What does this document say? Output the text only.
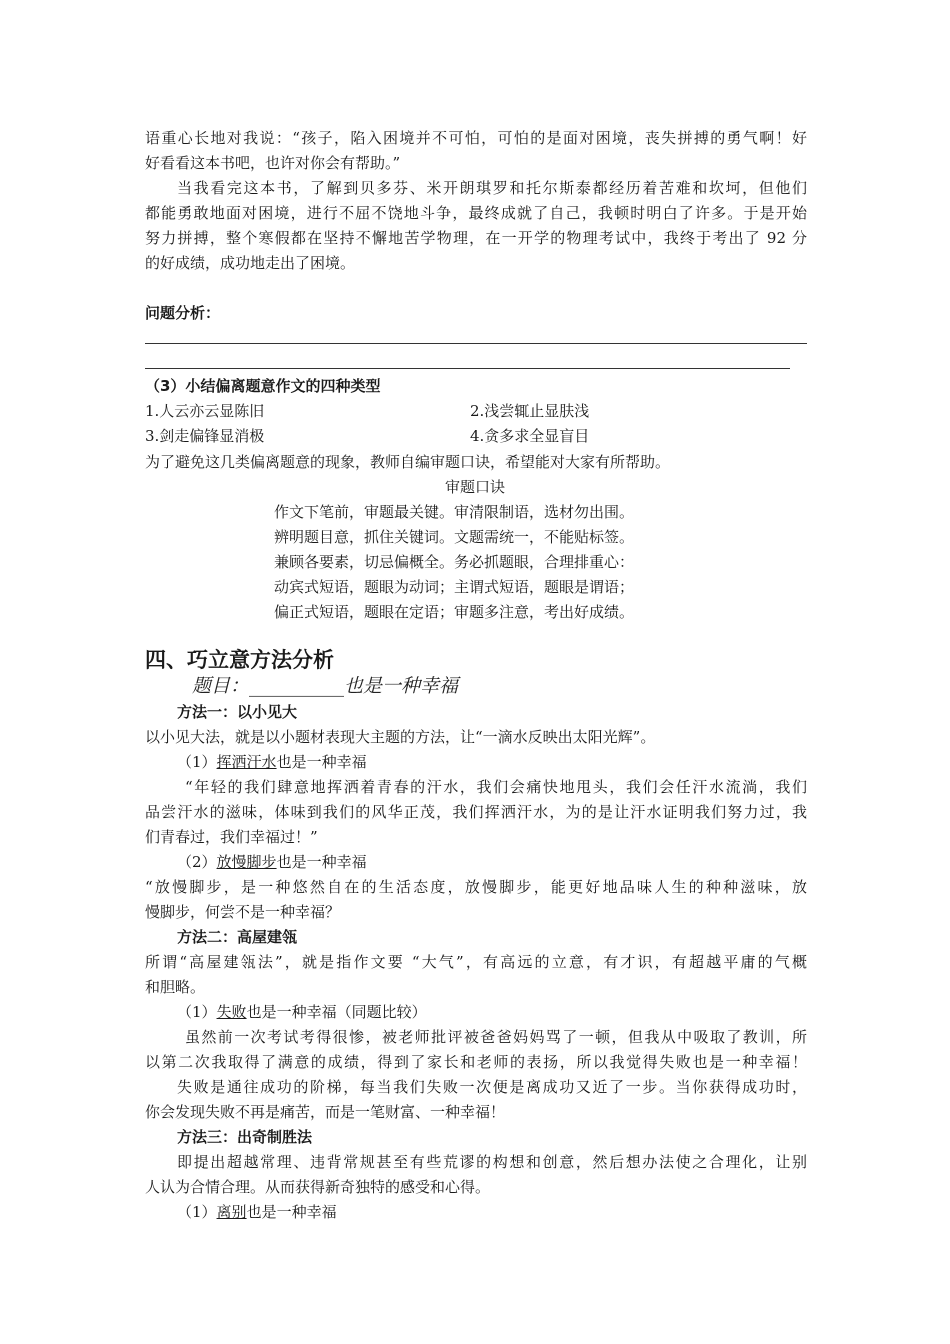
语重心长地对我说：“孩子，陷入困境并不可怕，可怕的是面对困境，丧失拼搏的勇气啊！好
好看看这本书吧，也许对你会有帮助。”
当我看完这本书，了解到贝多芬、米开朗琪罗和托尔斯泰都经历着苦难和坎坷，但他们
都能勇敢地面对困境，进行不屈不饶地斗争，最终成就了自己，我顿时明白了许多。于是开始
努力拼搏，整个寒假都在坚持不懈地苦学物理，在一开学的物理考试中，我终于考出了 92 分
的好成绩，成功地走出了困境。
问题分析：
（3）小结偏离题意作文的四种类型
1.人云亦云显陈旧	2.浅尝辄止显肤浅
3.剑走偏锋显消极	4.贪多求全显盲目
为了避免这几类偏离题意的现象，教师自编审题口诀，希望能对大家有所帮助。
审题口诀
作文下笔前，审题最关键。审清限制语，选材勿出围。
辨明题目意，抓住关键词。文题需统一，不能贴标签。
兼顾各要素，切忌偏概全。务必抓题眼，合理排重心：
动宾式短语，题眼为动词；主谓式短语，题眼是谓语；
偏正式短语，题眼在定语；审题多注意，考出好成绩。
四、巧立意方法分析
题目：__________也是一种幸福
方法一：以小见大
以小见大法，就是以小题材表现大主题的方法，让“一滴水反映出太阳光辉”。
（1）挥洒汗水也是一种幸福
“年轻的我们肆意地挥洒着青春的汗水，我们会痛快地甩头，我们会任汗水流淌，我们
品尝汗水的滋味，体味到我们的风华正茂，我们挥洒汗水，为的是让汗水证明我们努力过，我
们青春过，我们幸福过！”
（2）放慢脚步也是一种幸福
“放慢脚步，是一种悠然自在的生活态度，放慢脚步，能更好地品味人生的种种滋味，放
慢脚步，何尝不是一种幸福？
方法二：高屋建瓴
所谓“高屋建瓴法”，就是指作文要 “大气”，有高远的立意，有才识，有超越平庸的气概
和胆略。
（1）失败也是一种幸福（同题比较）
虽然前一次考试考得很惨，被老师批评被爸爸妈妈骂了一顿，但我从中吸取了教训，所
以第二次我取得了满意的成绩，得到了家长和老师的表扬，所以我觉得失败也是一种幸福！
失败是通往成功的阶梯，每当我们失败一次便是离成功又近了一步。当你获得成功时，
你会发现失败不再是痛苦，而是一笔财富、一种幸福！
方法三：出奇制胜法
即提出超越常理、违背常规甚至有些荒谬的构想和创意，然后想办法使之合理化，让别
人认为合情合理。从而获得新奇独特的感受和心得。
（1）离别也是一种幸福
